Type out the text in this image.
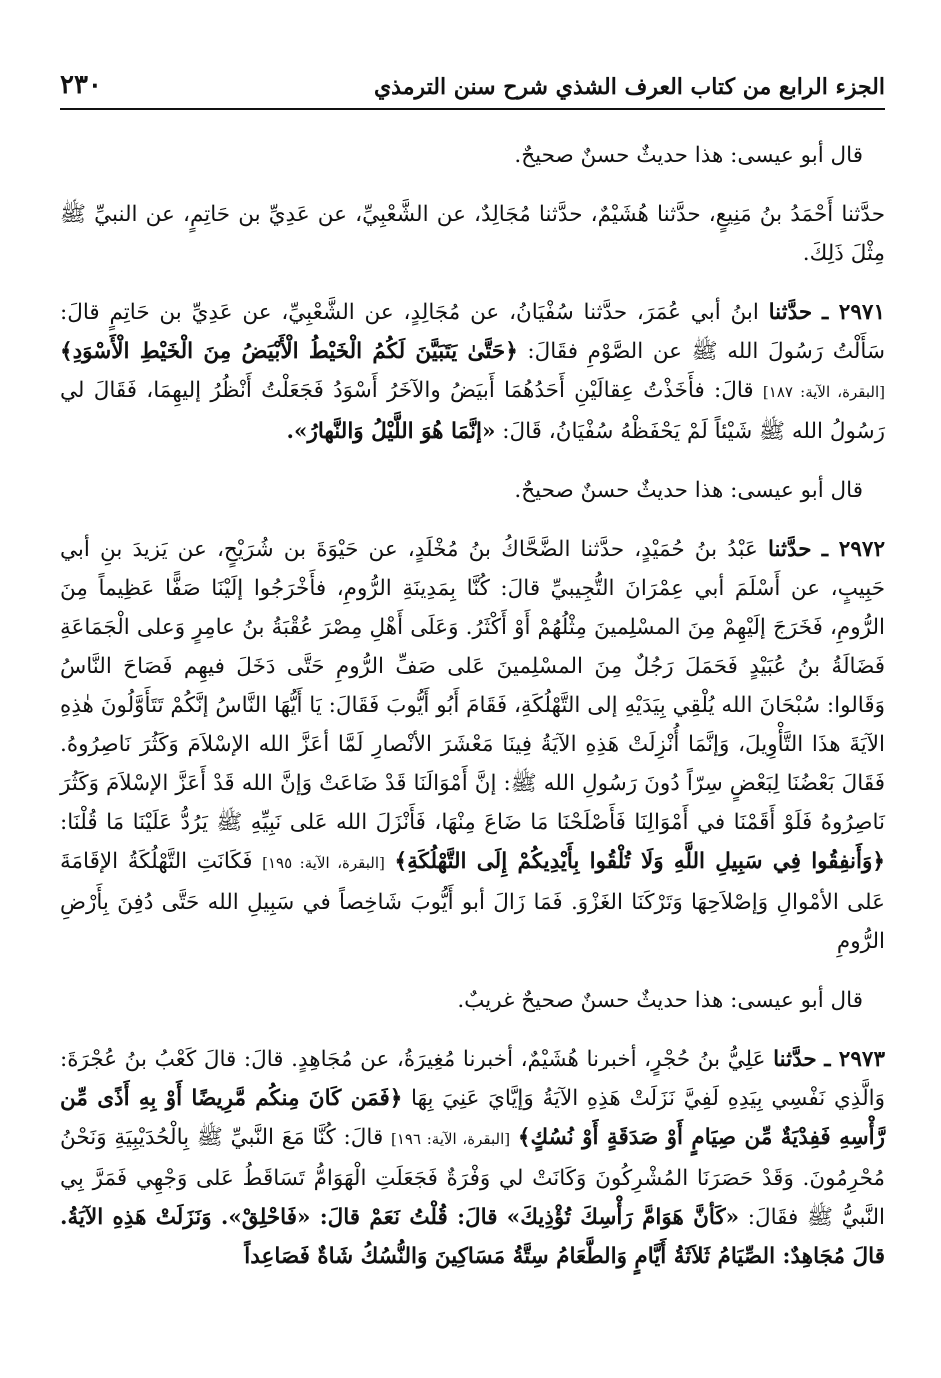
الجزء الرابع من كتاب العرف الشذي شرح سنن الترمذي
٢٣٠

قال أبو عيسى: هذا حديثٌ حسنٌ صحيحٌ.

حدَّثنا أَحْمَدُ بنُ مَنِيعٍ، حدَّثنا هُشَيْمٌ، حدَّثنا مُجَالِدٌ، عن الشَّعْبِيِّ، عن عَدِيِّ بن حَاتِمٍ، عن النبيِّ ﷺ مِثْلَ ذَلِكَ.

٢٩٧١ ـ حدَّثنا ابنُ أبي عُمَرَ، حدَّثنا سُفْيَانُ، عن مُجَالِدٍ، عن الشَّعْبِيِّ، عن عَدِيِّ بن حَاتِمٍ قالَ: سَأَلْتُ رَسُولَ الله ﷺ عن الصَّوْمِ فقَالَ: ﴿حَتَّىٰ يَتَبَيَّنَ لَكُمُ الْخَيْطُ الْأَبْيَضُ مِنَ الْخَيْطِ الْأَسْوَدِ﴾ [البقرة، الآية: ١٨٧] قالَ: فأَخَذْتُ عِقالَيْنِ أَحَدُهُمَا أَبيَضُ والآخَرُ أَسْوَدُ فَجَعَلْتُ أَنْظُرُ إليهِمَا، فَقَالَ لي رَسُولُ الله ﷺ شَيْئاً لَمْ يَحْفَظْهُ سُفْيَانُ، قَالَ: «إنَّمَا هُوَ اللَّيْلُ وَالنَّهارُ».

قال أبو عيسى: هذا حديثٌ حسنٌ صحيحٌ.

٢٩٧٢ ـ حدَّثنا عَبْدُ بنُ حُمَيْدٍ، حدَّثنا الضَّحَّاكُ بنُ مُخْلَدٍ، عن حَيْوَةَ بن شُرَيْحٍ، عن يَزيدَ بنِ أبي حَبِيبٍ، عن أَسْلَمَ أبي عِمْرَانَ التُّجِيبيِّ قالَ: كُنَّا بِمَدِينَةِ الرُّومِ، فأَخْرَجُوا إلَيْنَا صَفًّا عَظِيماً مِنَ الرُّومِ، فَخَرَجَ إلَيْهِمْ مِنَ المسْلِمينَ مِثْلُهُمْ أَوْ أَكْثَرُ. وَعَلَى أَهْلِ مِصْرَ عُقْبَةُ بنُ عامِرٍ وَعلى الْجَمَاعَةِ فَضَالَةُ بنُ عُبَيْدٍ فَحَمَلَ رَجُلٌ مِنَ المسْلِمينَ عَلى صَفِّ الرُّومِ حَتَّى دَخَلَ فيهِم فَصَاحَ النَّاسُ وَقَالوا: سُبْحَانَ الله يُلْقِي بِيَدَيْهِ إلى التَّهْلُكَةِ، فَقَامَ أَبُو أَيُّوبَ فَقَالَ: يَا أَيُّهَا النَّاسُ إنَّكُمْ تَتَأَوَّلُونَ هٰذِهِ الآيَةَ هذَا التَّأْوِيلَ، وَإنَّمَا أُنْزِلَتْ هَذِهِ الآيَةُ فِينَا مَعْشَرَ الأنْصارِ لَمَّا أعَزَّ الله الإسْلاَمَ وَكَثُرَ نَاصِرُوهُ. فَقَالَ بَعْضُنَا لِبَعْضٍ سِرّاً دُونَ رَسُولِ الله ﷺ: إنَّ أَمْوَالَنَا قَدْ ضَاعَتْ وَإنَّ الله قَدْ أَعَزَّ الإسْلاَمَ وَكَثُرَ نَاصِرُوهُ فَلَوْ أَقَمْنَا في أَمْوَالِنَا فَأَصْلَحْنَا مَا ضَاعَ مِنْهَا، فَأَنْزَلَ الله عَلى نَبِيِّهِ ﷺ يَرُدُّ عَلَيْنَا مَا قُلْنَا: ﴿وَأَنفِقُوا فِي سَبِيلِ اللَّهِ وَلَا تُلْقُوا بِأَيْدِيكُمْ إِلَى التَّهْلُكَةِ﴾ [البقرة، الآية: ١٩٥] فَكَانَتِ التَّهْلُكَةُ الإقَامَةَ عَلى الأمْوالِ وَإصْلاَحِهَا وَتَرْكَنَا الغَزْوَ. فَمَا زَالَ أبو أَيُّوبَ شَاخِصاً في سَبِيلِ الله حَتَّى دُفِنَ بِأَرْضِ الرُّومِ

قال أبو عيسى: هذا حديثٌ حسنٌ صحيحٌ غريبٌ.

٢٩٧٣ ـ حدَّثنا عَلِيُّ بنُ حُجْرٍ، أخبرنا هُشَيْمٌ، أخبرنا مُغِيرَةُ، عن مُجَاهِدٍ. قالَ: قالَ كَعْبُ بنُ عُجْرَةَ: وَالَّذِي نَفْسِي بِيَدِهِ لَفِيَّ نَزَلَتْ هَذِهِ الآيَةُ وَإيَّايَ عَنِيَ بِهَا ﴿فَمَن كَانَ مِنكُم مَّرِيضًا أَوْ بِهِ أَذًى مِّن رَّأْسِهِ فَفِدْيَةٌ مِّن صِيَامٍ أَوْ صَدَقَةٍ أَوْ نُسُكٍ﴾ [البقرة، الآية: ١٩٦] قالَ: كُنَّا مَعَ النَّبيِّ ﷺ بِالْحُدَيْبِيَةِ وَنَحْنُ مُحْرِمُونَ. وَقَدْ حَصَرَنَا المُشْرِكُونَ وَكَانَتْ لي وَفْرَةٌ فَجَعَلَتِ الْهَوَامُّ تَسَاقَطُ عَلى وَجْهِي فَمَرَّ بِي النَّبيُّ ﷺ فقَالَ: «كَأنَّ هَوَامَّ رَأْسِكَ تُؤْذِيكَ» قالَ: قُلْتُ نَعَمْ قالَ: «فَاحْلِقْ». وَنَزَلَتْ هَذِهِ الآيَةُ. قالَ مُجَاهِدٌ: الصِّيَامُ ثَلاَثَةُ أَيَّامٍ وَالطَّعَامُ سِتَّةُ مَسَاكِينَ وَالنُّسُكُ شَاةٌ فَصَاعِداً
